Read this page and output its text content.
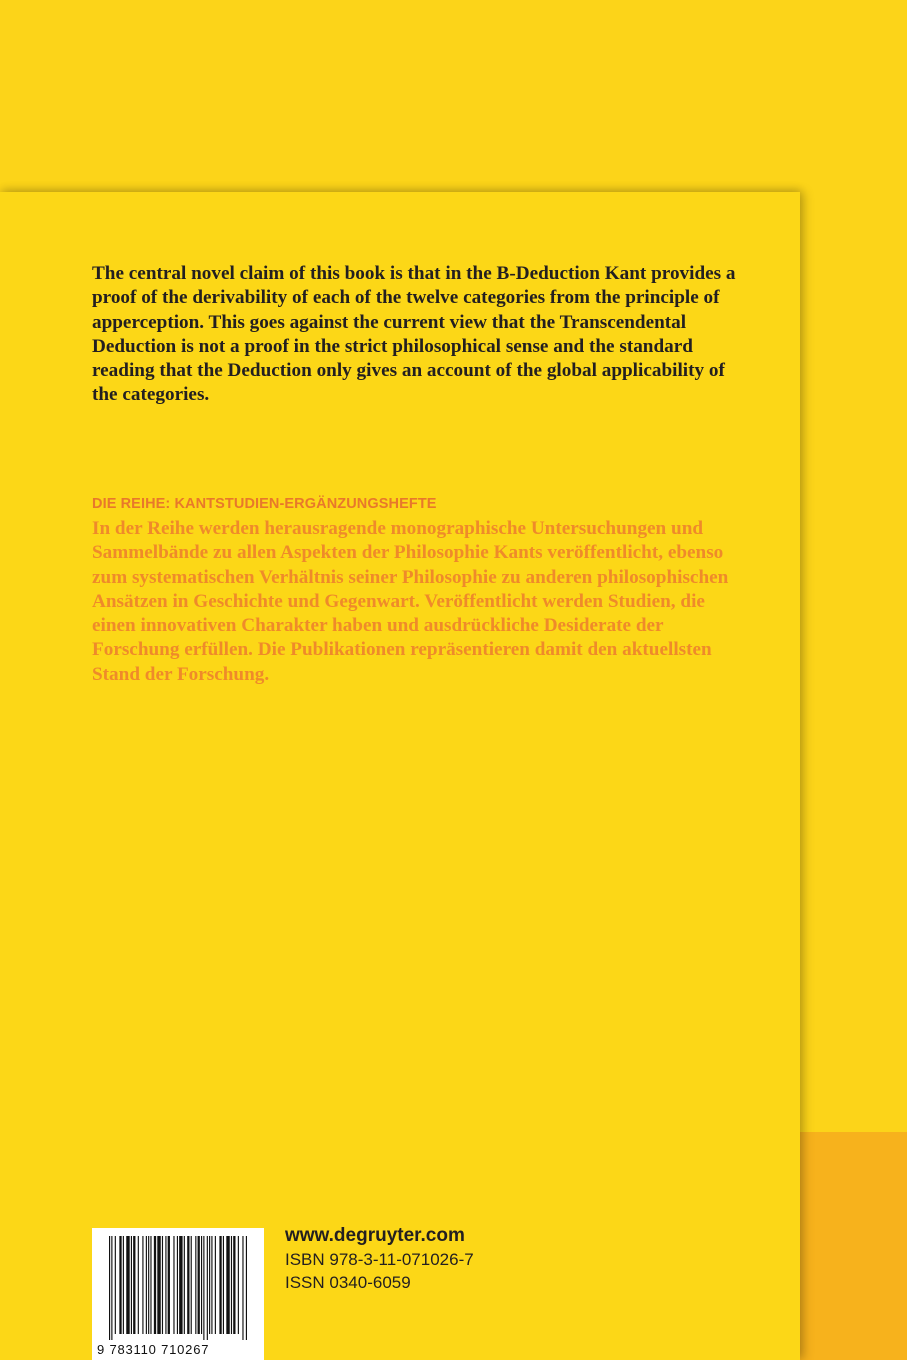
The central novel claim of this book is that in the B-Deduction Kant provides a proof of the derivability of each of the twelve categories from the principle of apperception. This goes against the current view that the Transcendental Deduction is not a proof in the strict philosophical sense and the standard reading that the Deduction only gives an account of the global applicability of the categories.

DIE REIHE: KANTSTUDIEN-ERGÄNZUNGSHEFTE

In der Reihe werden herausragende monographische Untersuchungen und Sammelbände zu allen Aspekten der Philosophie Kants veröffentlicht, ebenso zum systematischen Verhältnis seiner Philosophie zu anderen philosophischen Ansätzen in Geschichte und Gegenwart. Veröffentlicht werden Studien, die einen innovativen Charakter haben und ausdrückliche Desiderate der Forschung erfüllen. Die Publikationen repräsentieren damit den aktuellsten Stand der Forschung.

9 783110 710267
www.degruyter.com
ISBN 978-3-11-071026-7
ISSN 0340-6059
